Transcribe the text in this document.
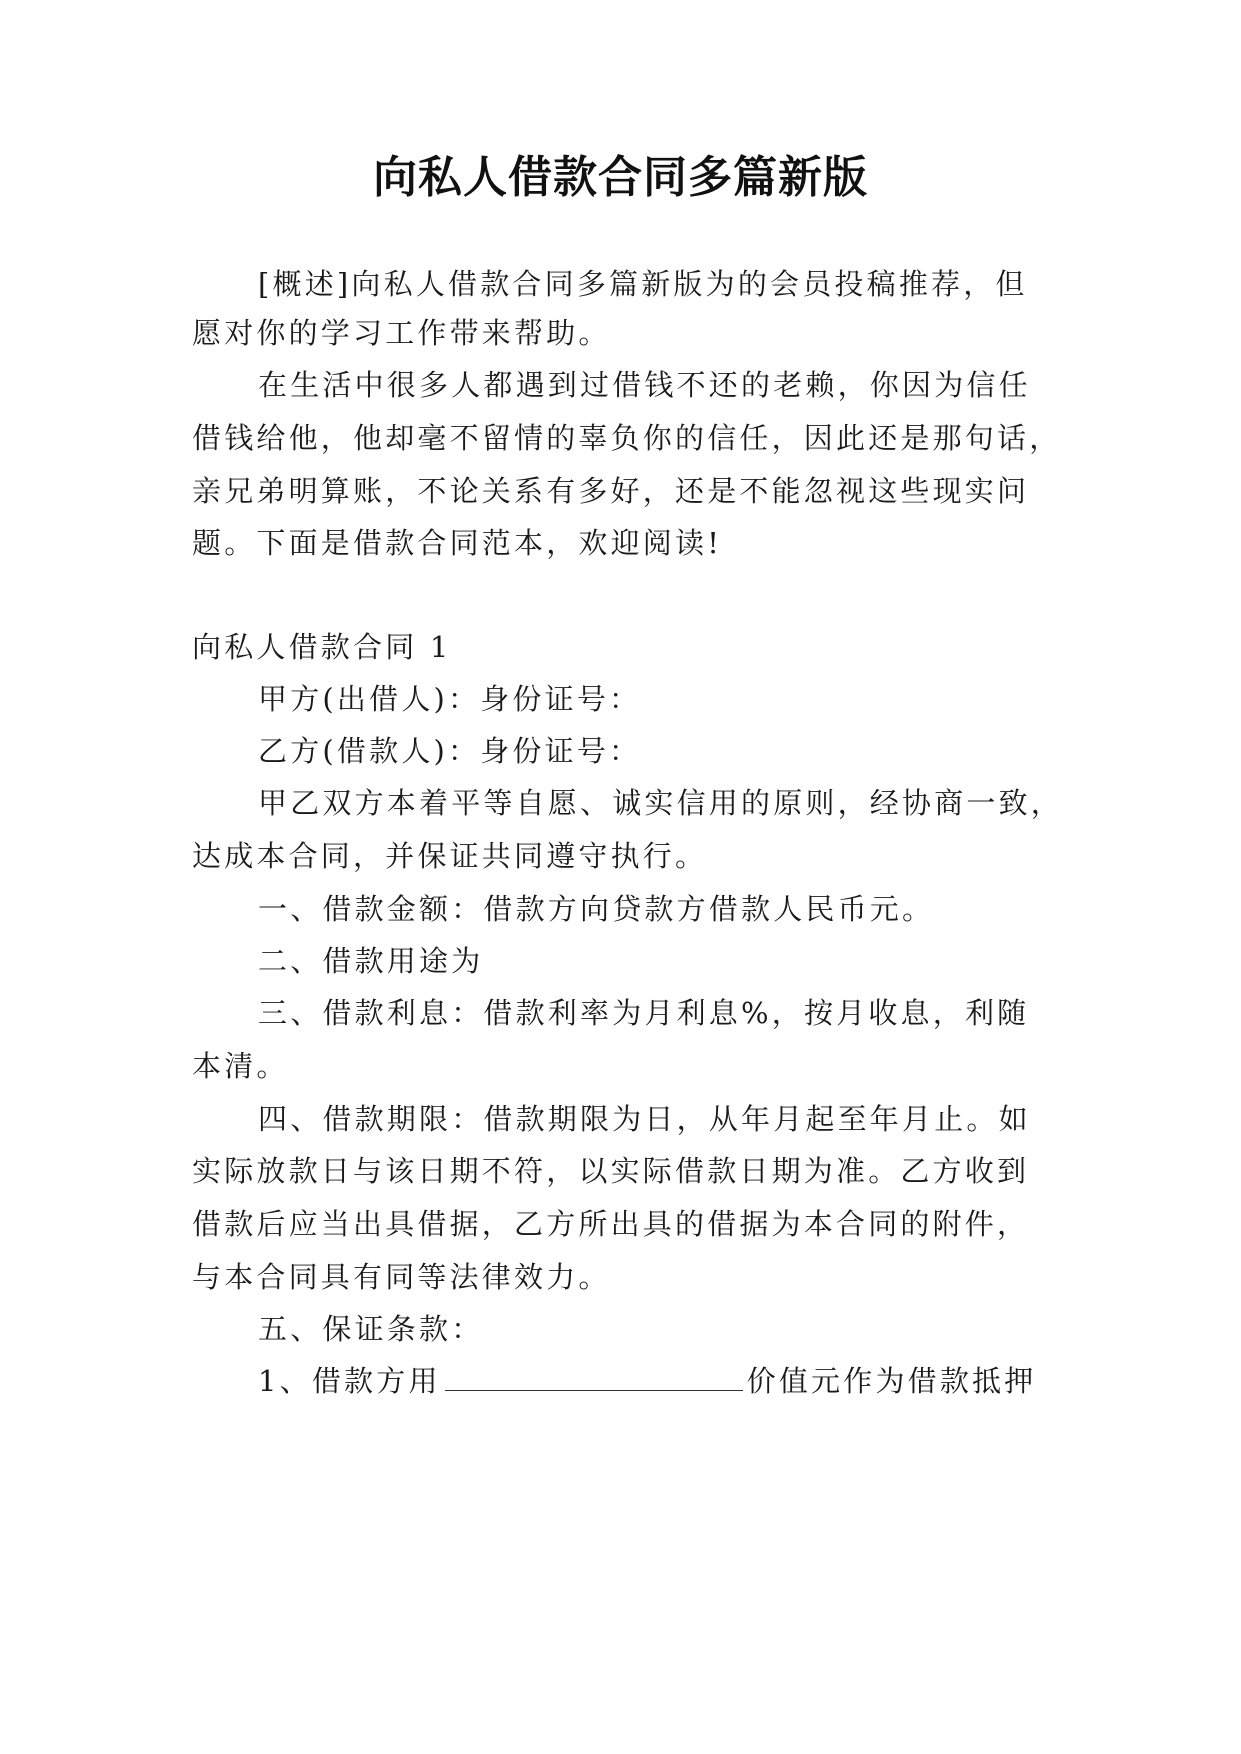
向私人借款合同多篇新版
[概述]向私人借款合同多篇新版为的会员投稿推荐，但
愿对你的学习工作带来帮助。
在生活中很多人都遇到过借钱不还的老赖，你因为信任
借钱给他，他却毫不留情的辜负你的信任，因此还是那句话，
亲兄弟明算账，不论关系有多好，还是不能忽视这些现实问
题。下面是借款合同范本，欢迎阅读!
向私人借款合同 1
甲方(出借人)：身份证号：
乙方(借款人)：身份证号：
甲乙双方本着平等自愿、诚实信用的原则，经协商一致，
达成本合同，并保证共同遵守执行。
一、借款金额：借款方向贷款方借款人民币元。
二、借款用途为
三、借款利息：借款利率为月利息%，按月收息，利随
本清。
四、借款期限：借款期限为日，从年月起至年月止。如
实际放款日与该日期不符，以实际借款日期为准。乙方收到
借款后应当出具借据，乙方所出具的借据为本合同的附件，
与本合同具有同等法律效力。
五、保证条款：
1、借款方用	价值元作为借款抵押
